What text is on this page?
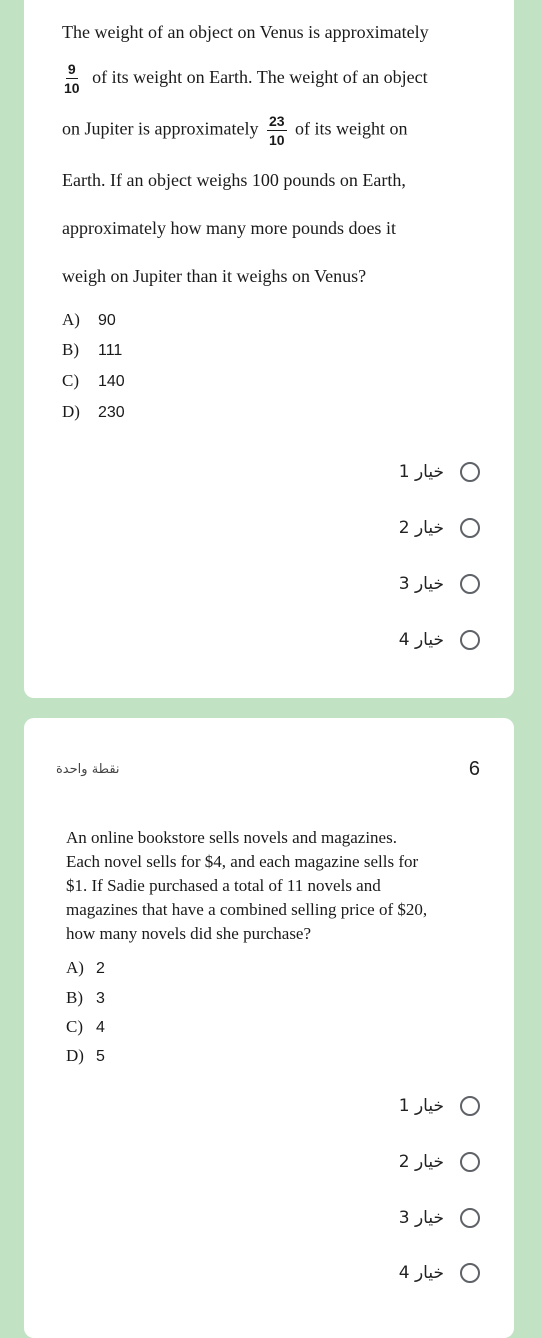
The weight of an object on Venus is approximately
$\frac{9}{10}$ of its weight on Earth. The weight of an object
on Jupiter is approximately $\frac{23}{10}$ of its weight on
Earth. If an object weighs 100 pounds on Earth,
approximately how many more pounds does it
weigh on Jupiter than it weighs on Venus?
A) 90
B) 111
C) 140
D) 230
خيار 1
خيار 2
خيار 3
خيار 4
نقطة واحدة	6
An online bookstore sells novels and magazines.
Each novel sells for $4, and each magazine sells for
$1. If Sadie purchased a total of 11 novels and
magazines that have a combined selling price of $20,
how many novels did she purchase?
A) 2
B) 3
C) 4
D) 5
خيار 1
خيار 2
خيار 3
خيار 4
